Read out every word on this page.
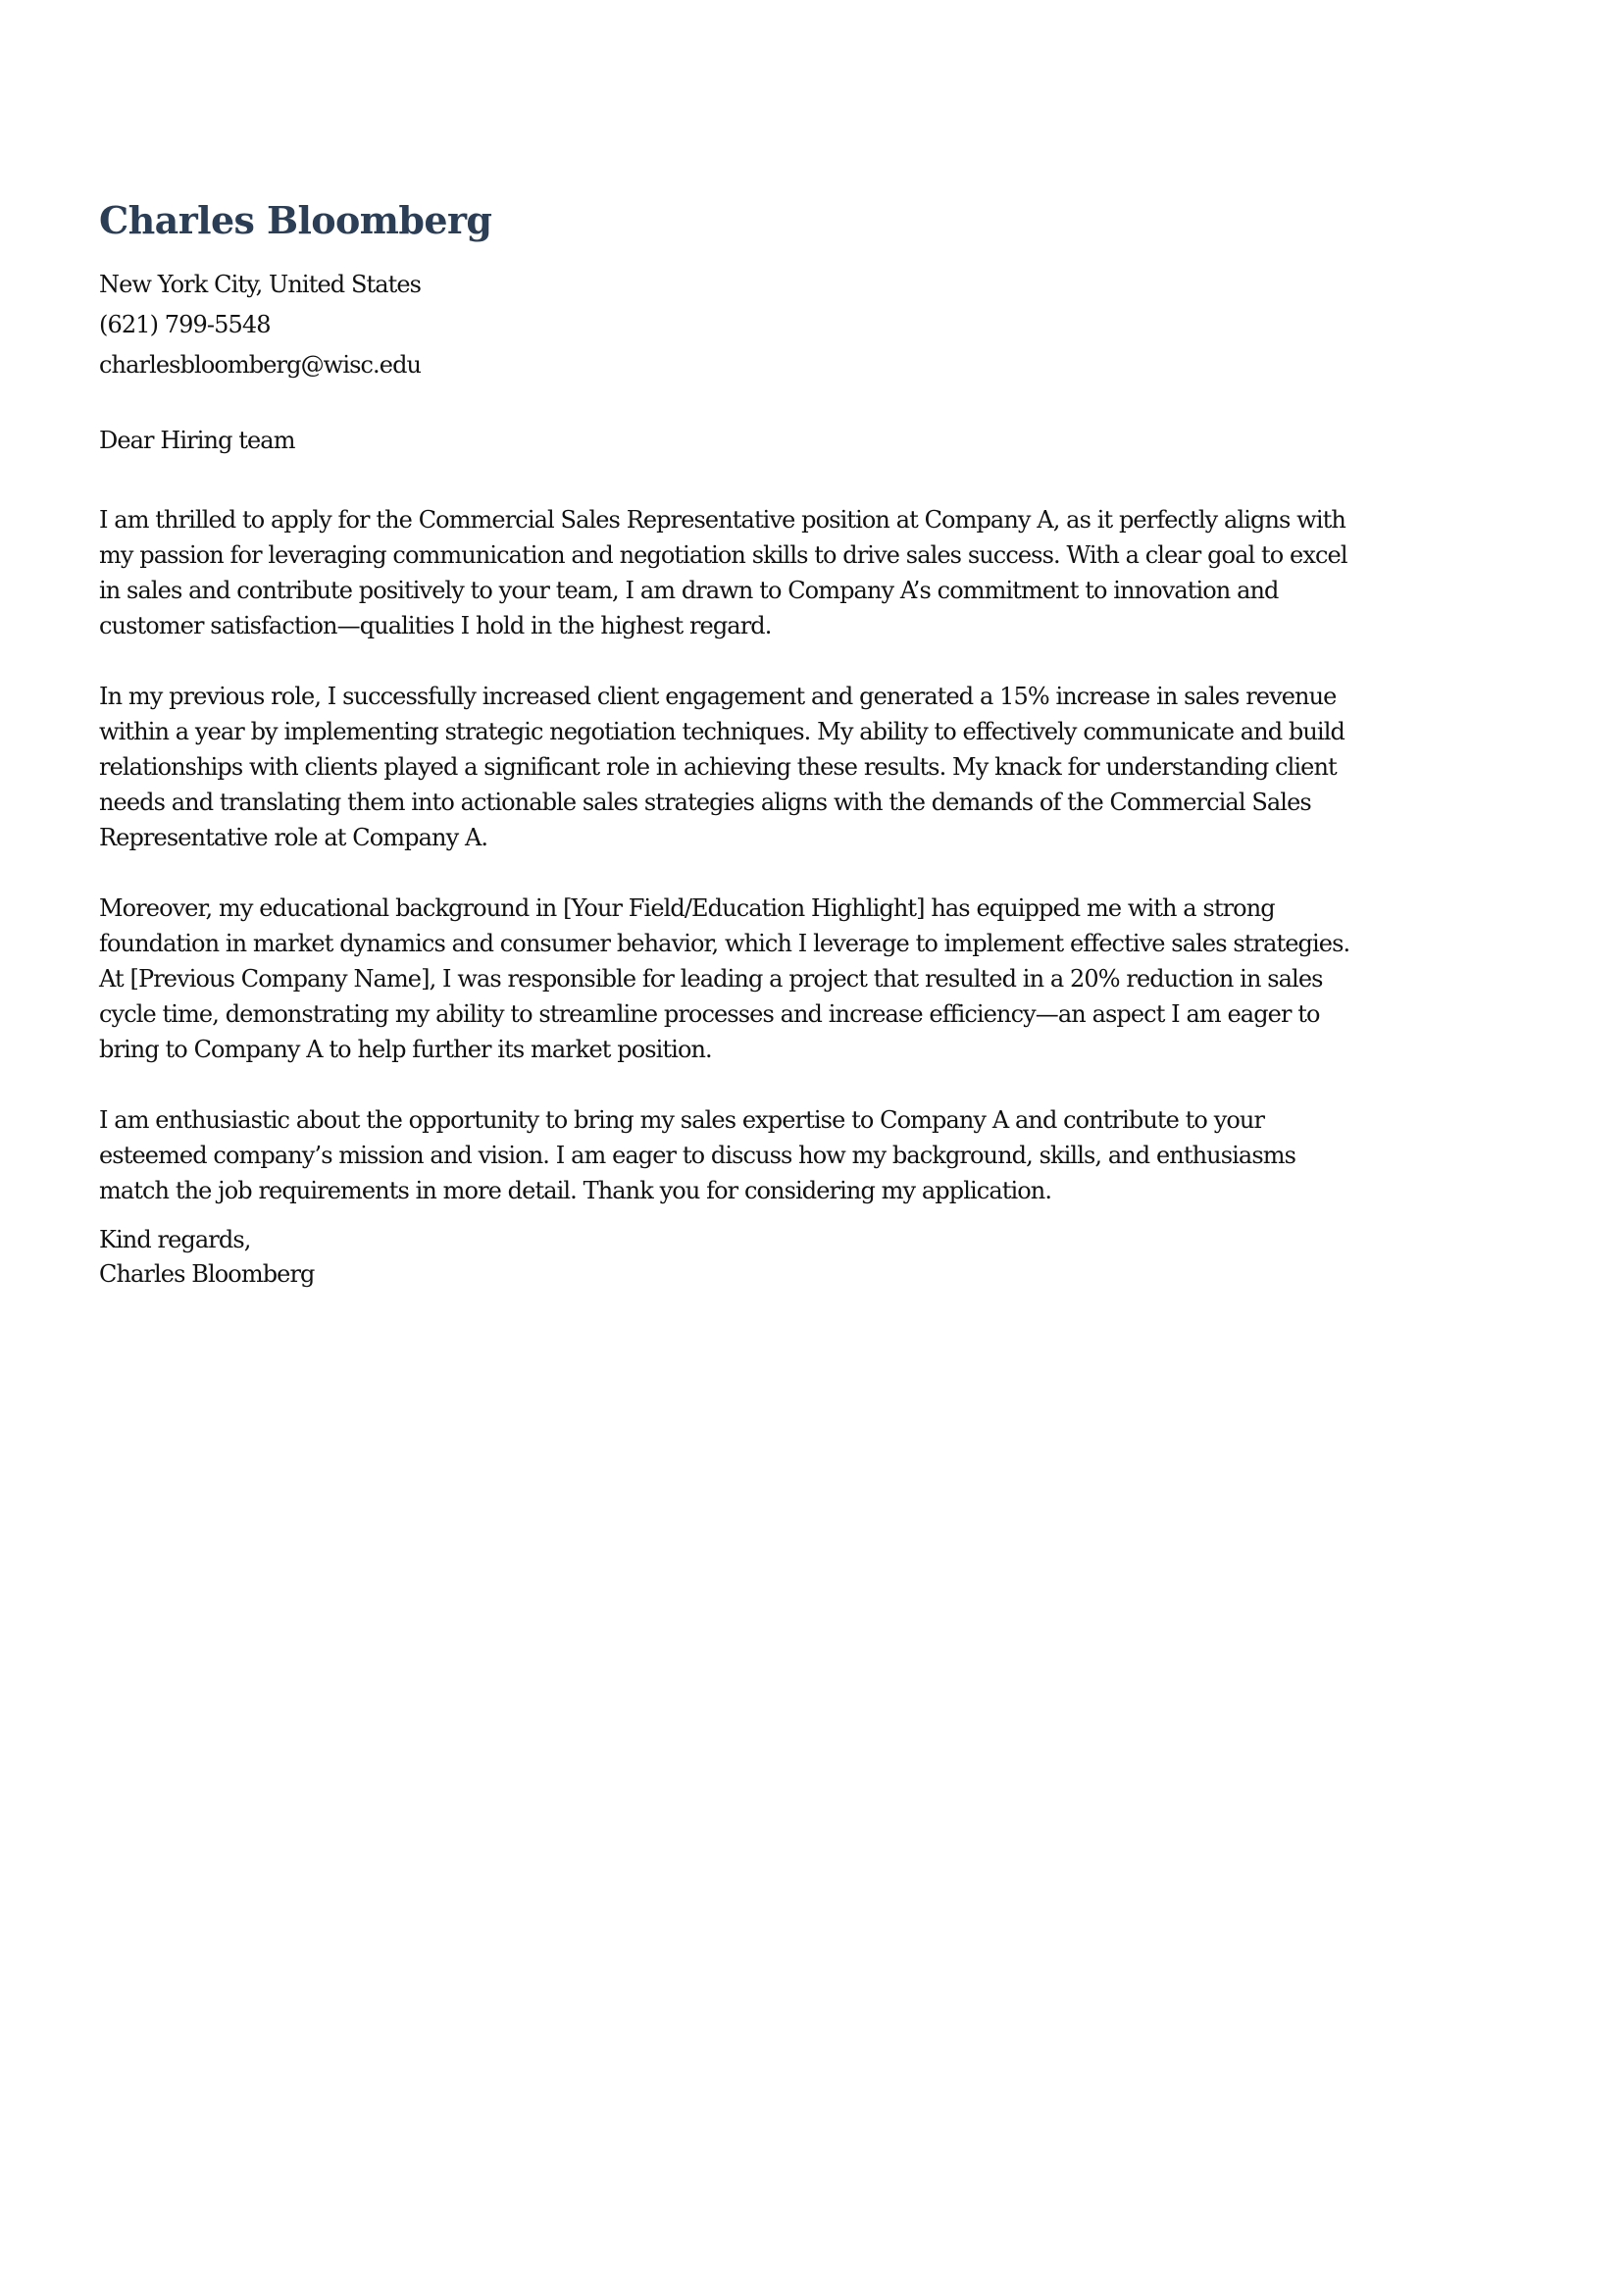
Charles Bloomberg
New York City, United States
(621) 799-5548
charlesbloomberg@wisc.edu
Dear Hiring team

I am thrilled to apply for the Commercial Sales Representative position at Company A, as it perfectly aligns with
my passion for leveraging communication and negotiation skills to drive sales success. With a clear goal to excel
in sales and contribute positively to your team, I am drawn to Company A’s commitment to innovation and
customer satisfaction—qualities I hold in the highest regard.

In my previous role, I successfully increased client engagement and generated a 15% increase in sales revenue
within a year by implementing strategic negotiation techniques. My ability to effectively communicate and build
relationships with clients played a significant role in achieving these results. My knack for understanding client
needs and translating them into actionable sales strategies aligns with the demands of the Commercial Sales
Representative role at Company A.

Moreover, my educational background in [Your Field/Education Highlight] has equipped me with a strong
foundation in market dynamics and consumer behavior, which I leverage to implement effective sales strategies.
At [Previous Company Name], I was responsible for leading a project that resulted in a 20% reduction in sales
cycle time, demonstrating my ability to streamline processes and increase efficiency—an aspect I am eager to
bring to Company A to help further its market position.

I am enthusiastic about the opportunity to bring my sales expertise to Company A and contribute to your
esteemed company’s mission and vision. I am eager to discuss how my background, skills, and enthusiasms
match the job requirements in more detail. Thank you for considering my application.

Kind regards,
Charles Bloomberg
